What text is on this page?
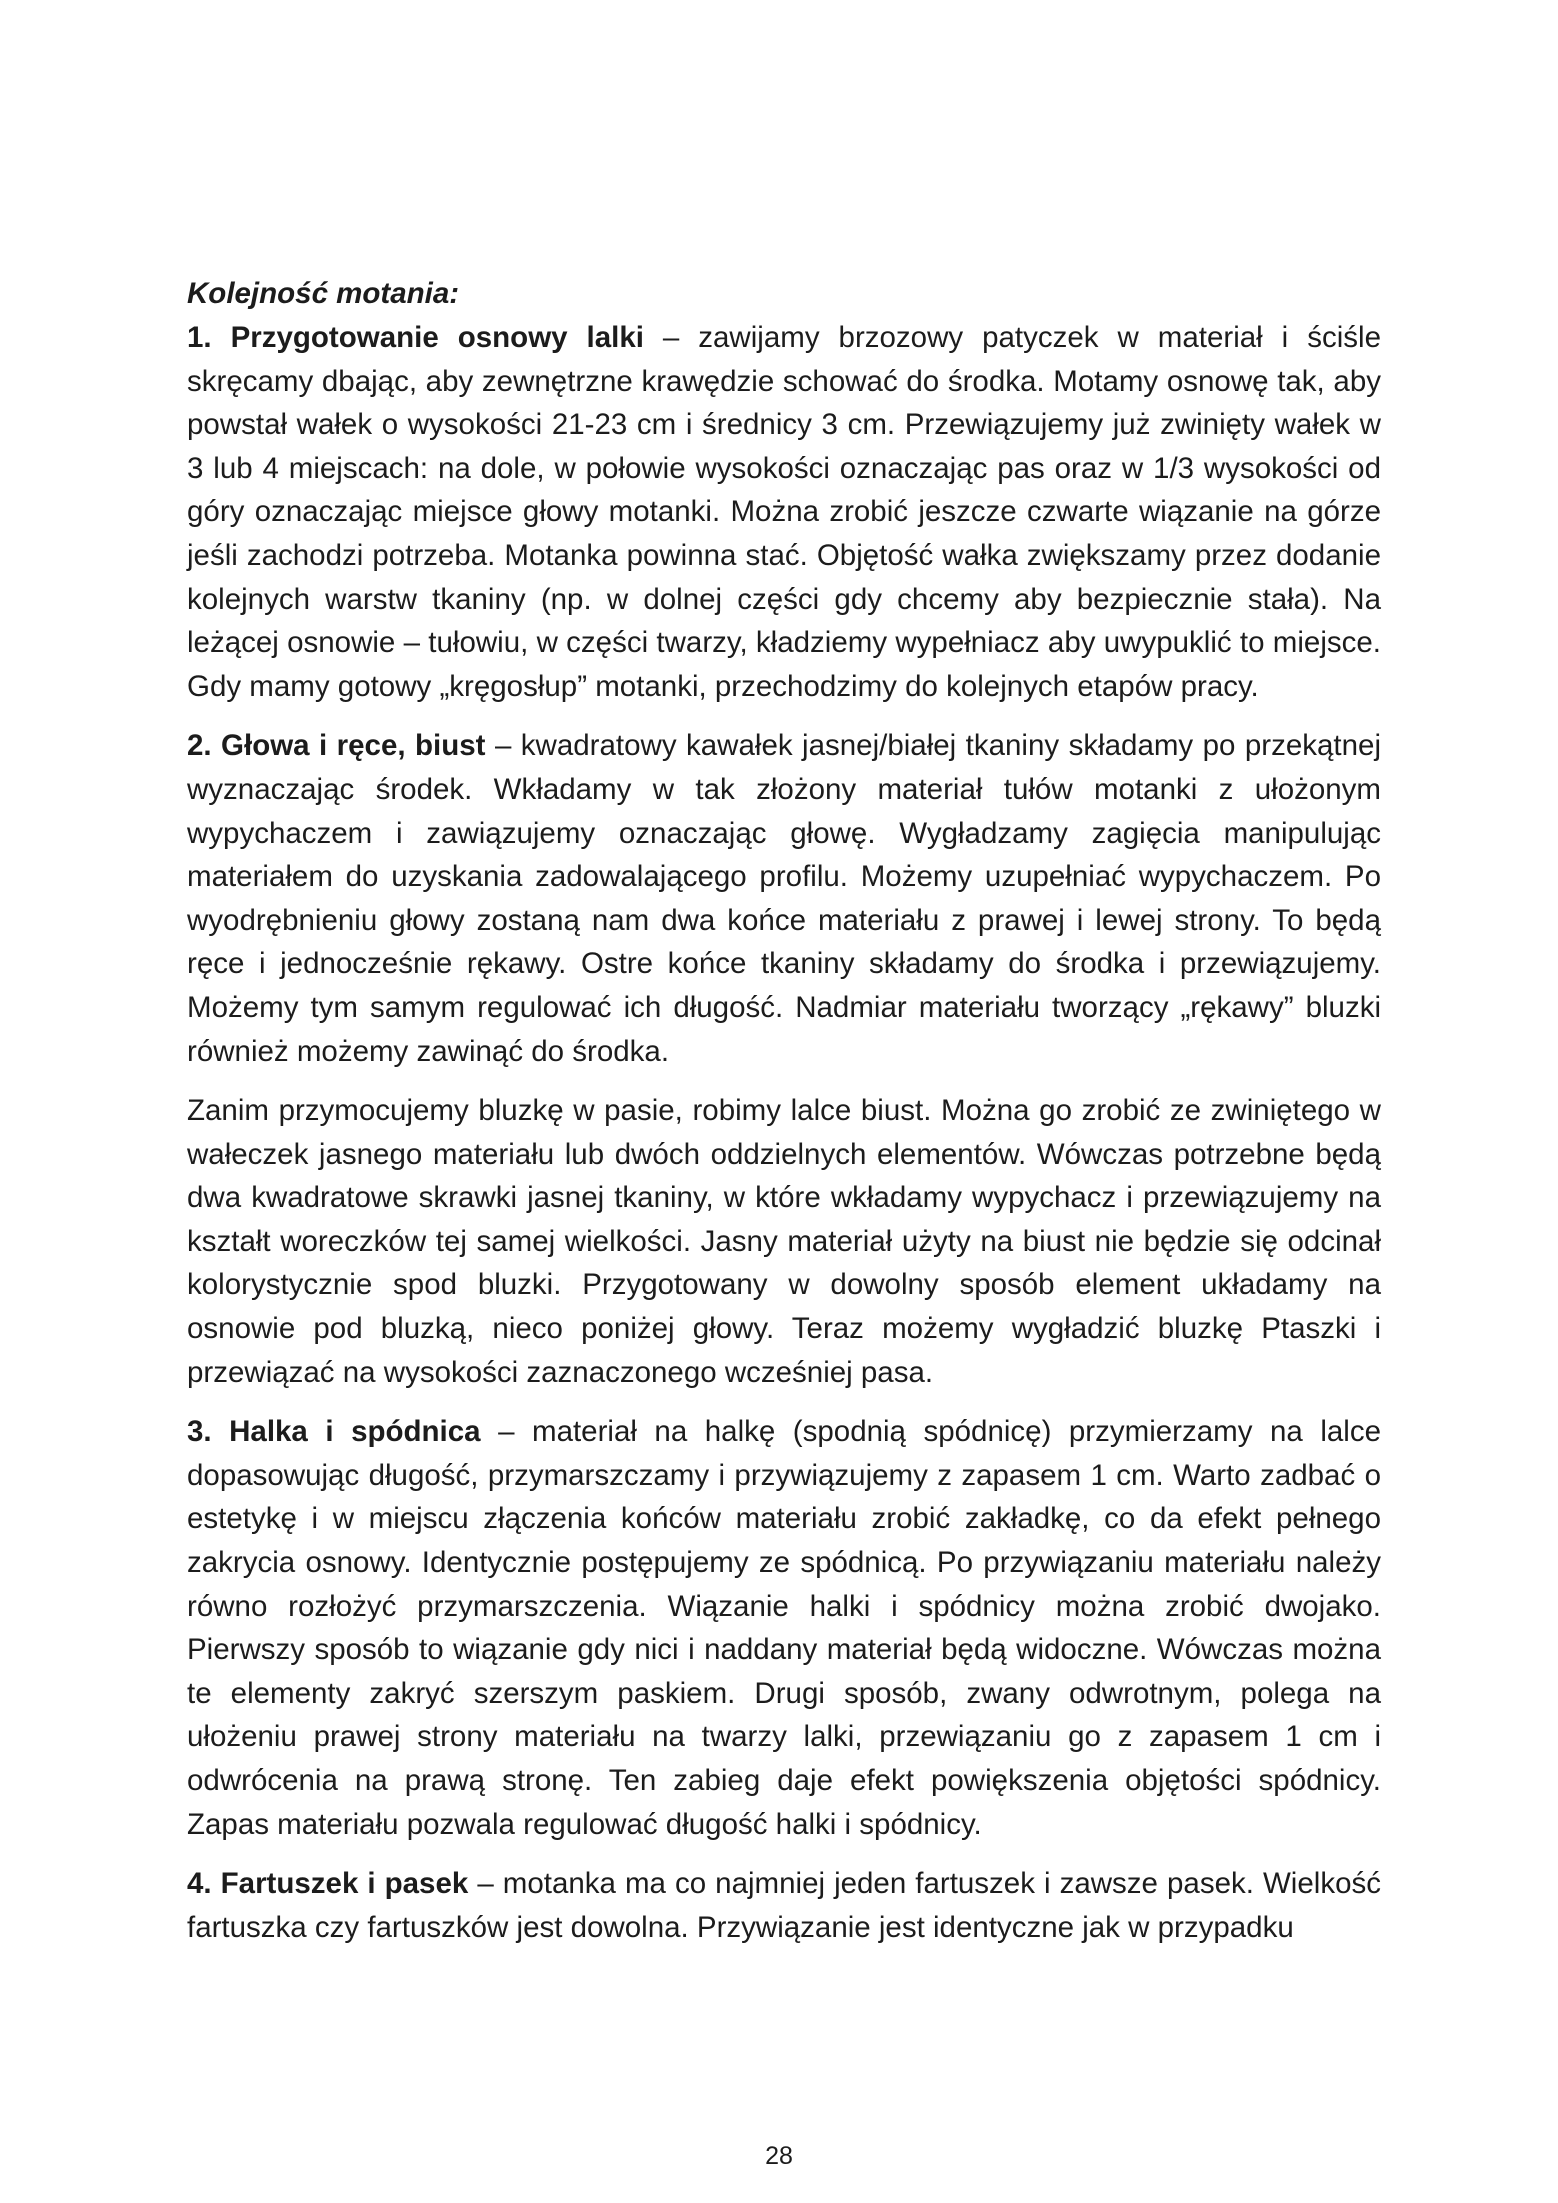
Kolejność motania:

1. Przygotowanie osnowy lalki – zawijamy brzozowy patyczek w materiał i ściśle skręcamy dbając, aby zewnętrzne krawędzie schować do środka. Motamy osnowę tak, aby powstał wałek o wysokości 21-23 cm i średnicy 3 cm. Przewiązujemy już zwinięty wałek w 3 lub 4 miejscach: na dole, w połowie wysokości oznaczając pas oraz w 1/3 wysokości od góry oznaczając miejsce głowy motanki. Można zrobić jeszcze czwarte wiązanie na górze jeśli zachodzi potrzeba. Motanka powinna stać. Objętość wałka zwiększamy przez dodanie kolejnych warstw tkaniny (np. w dolnej części gdy chcemy aby bezpiecznie stała). Na leżącej osnowie – tułowiu, w części twarzy, kładziemy wypełniacz aby uwypuklić to miejsce. Gdy mamy gotowy „kręgosłup” motanki, przechodzimy do kolejnych etapów pracy.

2. Głowa i ręce, biust – kwadratowy kawałek jasnej/białej tkaniny składamy po przekątnej wyznaczając środek. Wkładamy w tak złożony materiał tułów motanki z ułożonym wypychaczem i zawiązujemy oznaczając głowę. Wygładzamy zagięcia manipulując materiałem do uzyskania zadowalającego profilu. Możemy uzupełniać wypychaczem. Po wyodrębnieniu głowy zostaną nam dwa końce materiału z prawej i lewej strony. To będą ręce i jednocześnie rękawy. Ostre końce tkaniny składamy do środka i przewiązujemy. Możemy tym samym regulować ich długość. Nadmiar materiału tworzący „rękawy” bluzki również możemy zawinąć do środka.

Zanim przymocujemy bluzkę w pasie, robimy lalce biust. Można go zrobić ze zwiniętego w wałeczek jasnego materiału lub dwóch oddzielnych elementów. Wówczas potrzebne będą dwa kwadratowe skrawki jasnej tkaniny, w które wkładamy wypychacz i przewiązujemy na kształt woreczków tej samej wielkości. Jasny materiał użyty na biust nie będzie się odcinał kolorystycznie spod bluzki. Przygotowany w dowolny sposób element układamy na osnowie pod bluzką, nieco poniżej głowy. Teraz możemy wygładzić bluzkę Ptaszki i przewiązać na wysokości zaznaczonego wcześniej pasa.

3. Halka i spódnica – materiał na halkę (spodnią spódnicę) przymierzamy na lalce dopasowując długość, przymarszczamy i przywiązujemy z zapasem 1 cm. Warto zadbać o estetykę i w miejscu złączenia końców materiału zrobić zakładkę, co da efekt pełnego zakrycia osnowy. Identycznie postępujemy ze spódnicą. Po przywiązaniu materiału należy równo rozłożyć przymarszczenia. Wiązanie halki i spódnicy można zrobić dwojako. Pierwszy sposób to wiązanie gdy nici i naddany materiał będą widoczne. Wówczas można te elementy zakryć szerszym paskiem. Drugi sposób, zwany odwrotnym, polega na ułożeniu prawej strony materiału na twarzy lalki, przewiązaniu go z zapasem 1 cm i odwrócenia na prawą stronę. Ten zabieg daje efekt powiększenia objętości spódnicy. Zapas materiału pozwala regulować długość halki i spódnicy.

4. Fartuszek i pasek – motanka ma co najmniej jeden fartuszek i zawsze pasek. Wielkość fartuszka czy fartuszków jest dowolna. Przywiązanie jest identyczne jak w przypadku

28
